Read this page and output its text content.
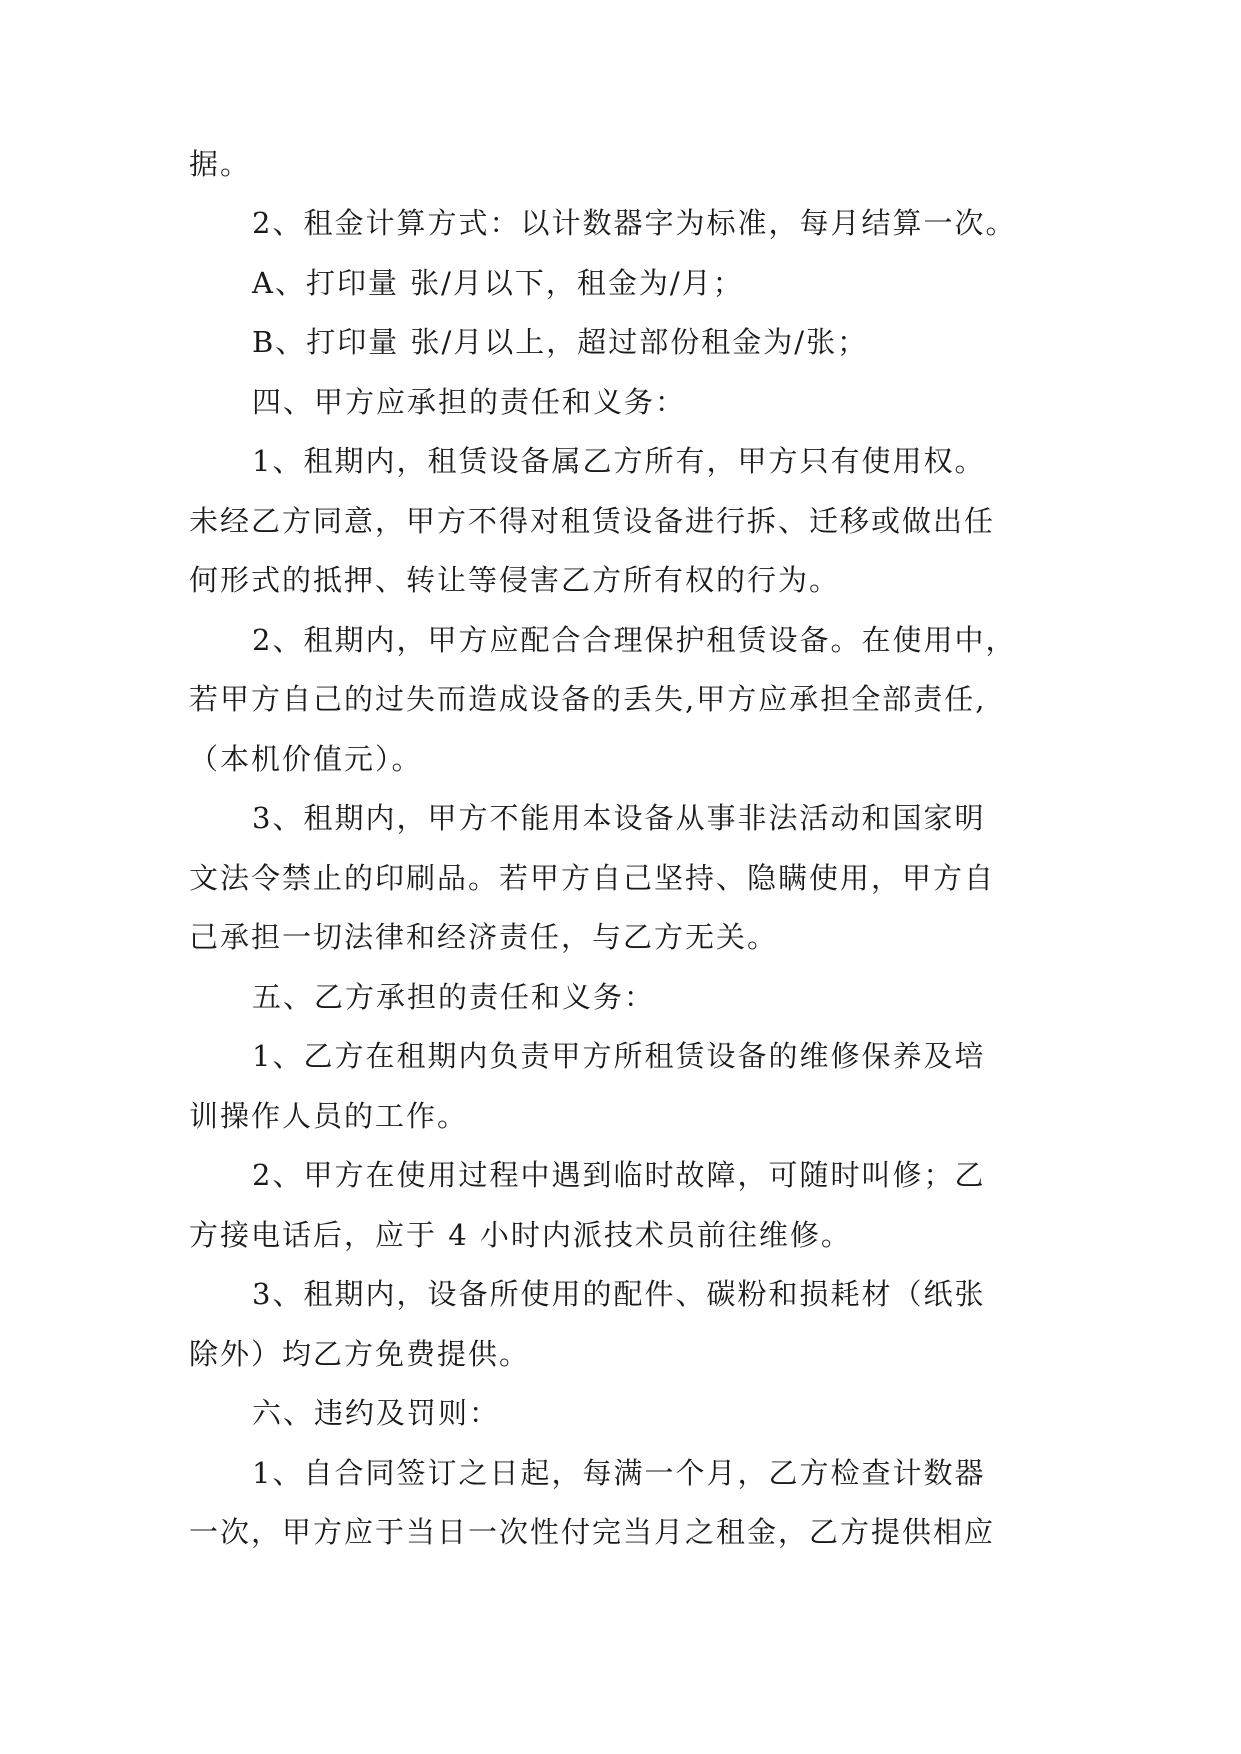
据。
2、租金计算方式：以计数器字为标准，每月结算一次。
A、打印量 张/月以下，租金为/月；
B、打印量 张/月以上，超过部份租金为/张；
四、甲方应承担的责任和义务：
1、租期内，租赁设备属乙方所有，甲方只有使用权。
未经乙方同意，甲方不得对租赁设备进行拆、迁移或做出任
何形式的抵押、转让等侵害乙方所有权的行为。
2、租期内，甲方应配合合理保护租赁设备。在使用中，
若甲方自己的过失而造成设备的丢失,甲方应承担全部责任,
（本机价值元）。
3、租期内，甲方不能用本设备从事非法活动和国家明
文法令禁止的印刷品。若甲方自己坚持、隐瞒使用，甲方自
己承担一切法律和经济责任，与乙方无关。
五、乙方承担的责任和义务：
1、乙方在租期内负责甲方所租赁设备的维修保养及培
训操作人员的工作。
2、甲方在使用过程中遇到临时故障，可随时叫修；乙
方接电话后，应于 4 小时内派技术员前往维修。
3、租期内，设备所使用的配件、碳粉和损耗材（纸张
除外）均乙方免费提供。
六、违约及罚则：
1、自合同签订之日起，每满一个月，乙方检查计数器
一次，甲方应于当日一次性付完当月之租金，乙方提供相应
